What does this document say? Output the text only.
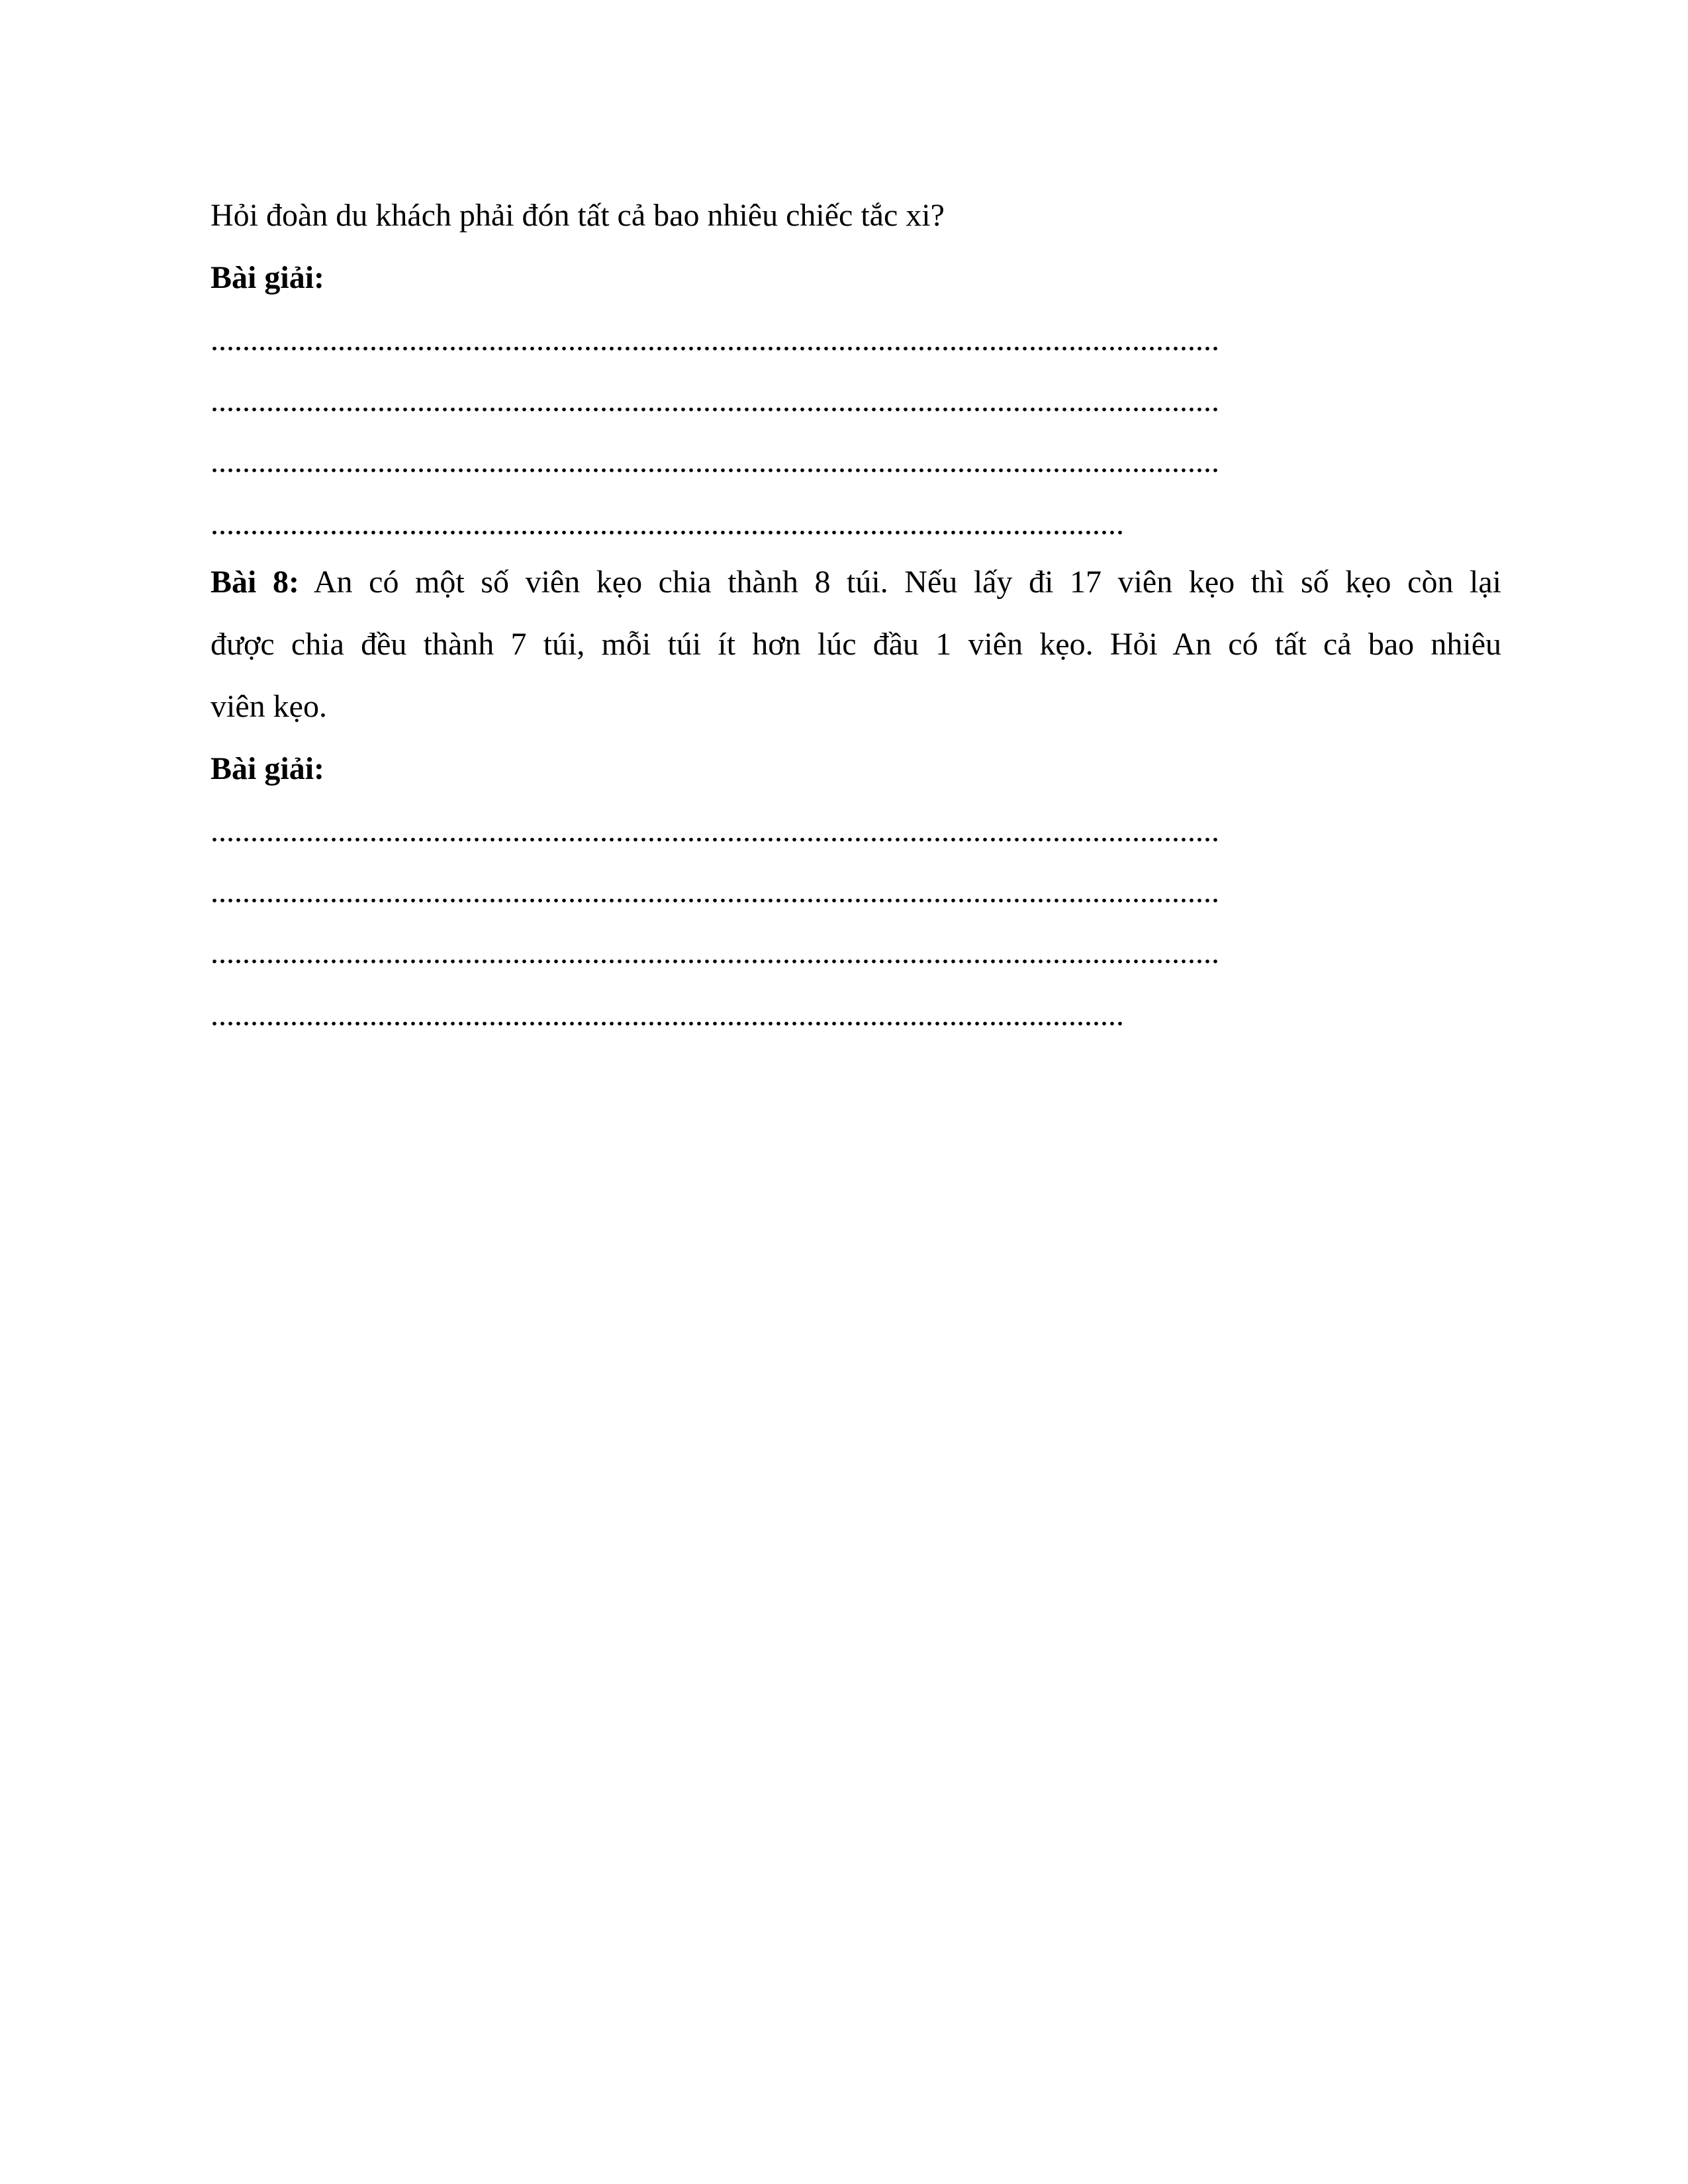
Hỏi đoàn du khách phải đón tất cả bao nhiêu chiếc tắc xi?
Bài giải:
...............................................................................................................................
...............................................................................................................................
...............................................................................................................................
...................................................................................................................
Bài 8: An có một số viên kẹo chia thành 8 túi. Nếu lấy đi 17 viên kẹo thì số kẹo còn lại
được chia đều thành 7 túi, mỗi túi ít hơn lúc đầu 1 viên kẹo. Hỏi An có tất cả bao nhiêu
viên kẹo.
Bài giải:
...............................................................................................................................
...............................................................................................................................
...............................................................................................................................
...................................................................................................................
